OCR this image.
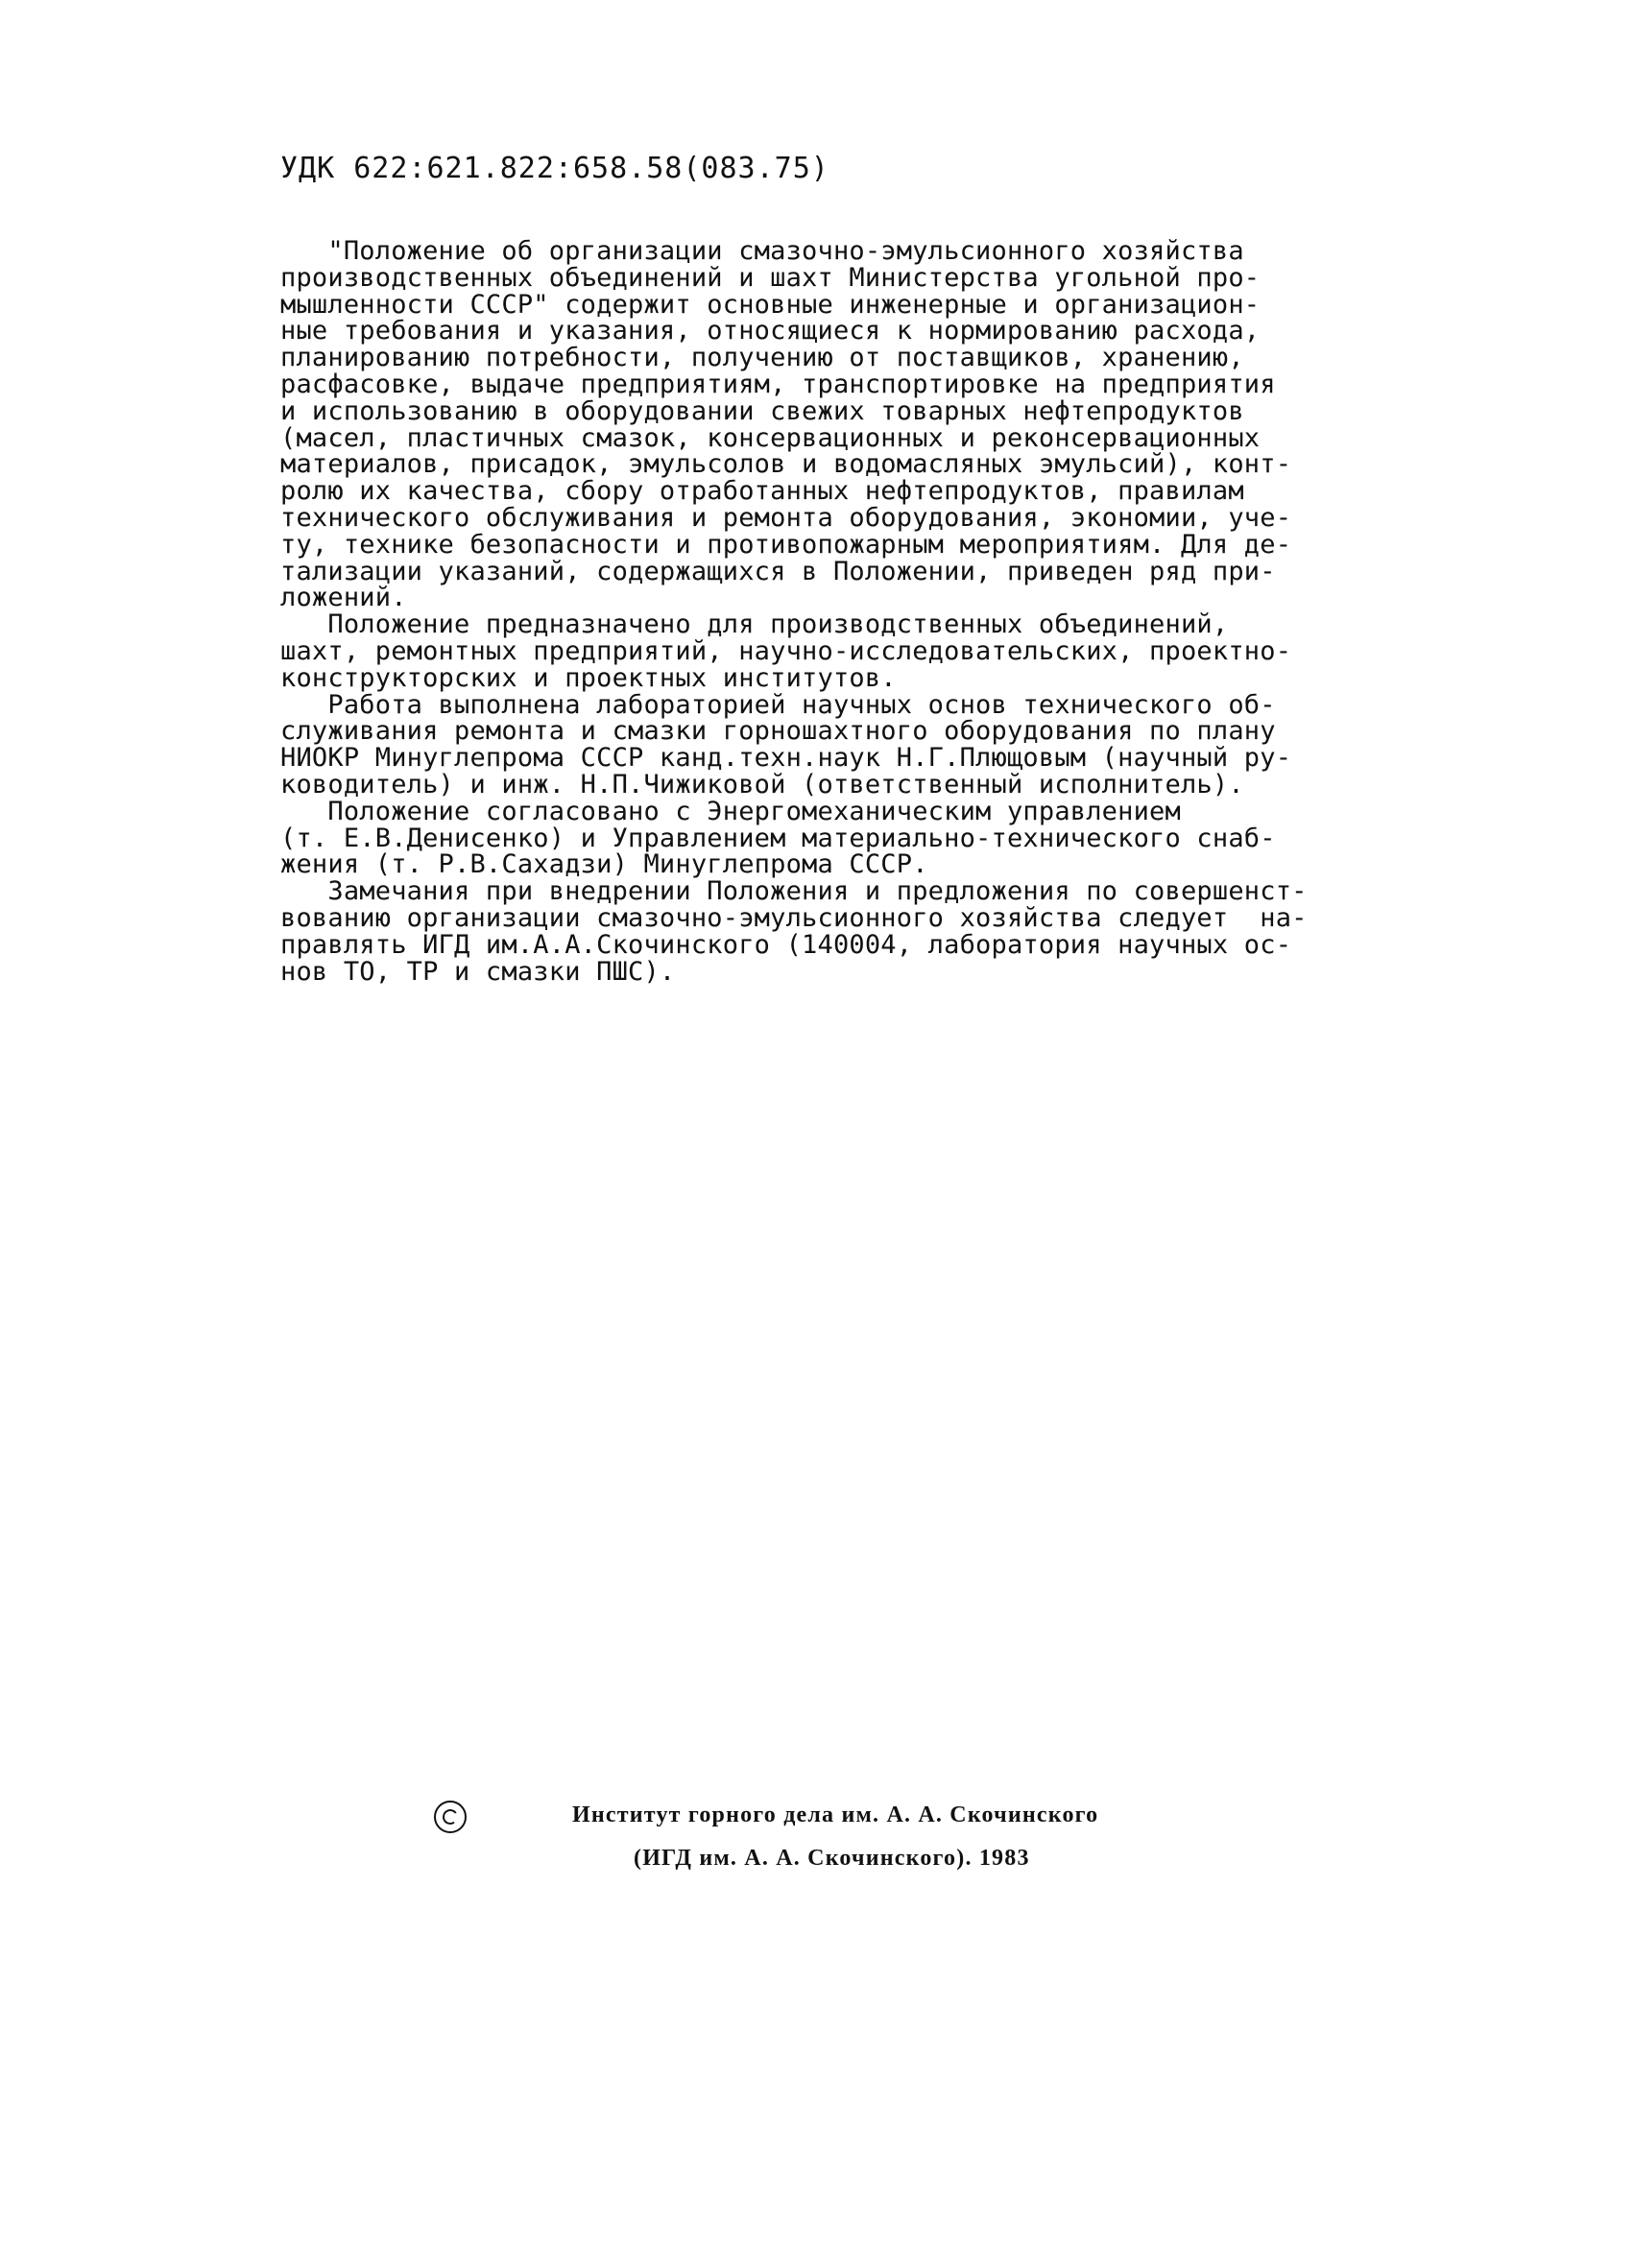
УДК 622:621.822:658.58(083.75)
"Положение об организации смазочно-эмульсионного хозяйства
производственных объединений и шахт Министерства угольной про-
мышленности СССР" содержит основные инженерные и организацион-
ные требования и указания, относящиеся к нормированию расхода,
планированию потребности, получению от поставщиков, хранению,
расфасовке, выдаче предприятиям, транспортировке на предприятия
и использованию в оборудовании свежих товарных нефтепродуктов
(масел, пластичных смазок, консервационных и реконсервационных
материалов, присадок, эмульсолов и водомасляных эмульсий), конт-
ролю их качества, сбору отработанных нефтепродуктов, правилам
технического обслуживания и ремонта оборудования, экономии, уче-
ту, технике безопасности и противопожарным мероприятиям. Для де-
тализации указаний, содержащихся в Положении, приведен ряд при-
ложений.
Положение предназначено для производственных объединений,
шахт, ремонтных предприятий, научно-исследовательских, проектно-
конструкторских и проектных институтов.
Работа выполнена лабораторией научных основ технического об-
служивания ремонта и смазки горношахтного оборудования по плану
НИОКР Минуглепрома СССР канд.техн.наук Н.Г.Плющовым (научный ру-
ководитель) и инж. Н.П.Чижиковой (ответственный исполнитель).
Положение согласовано с Энергомеханическим управлением
(т. Е.В.Денисенко) и Управлением материально-технического снаб-
жения (т. Р.В.Сахадзи) Минуглепрома СССР.
Замечания при внедрении Положения и предложения по совершенст-
вованию организации смазочно-эмульсионного хозяйства следует  на-
правлять ИГД им.А.А.Скочинского (140004, лаборатория научных ос-
нов ТО, ТР и смазки ПШС).
Институт горного дела им. А. А. Скочинского
(ИГД им. А. А. Скочинского). 1983
